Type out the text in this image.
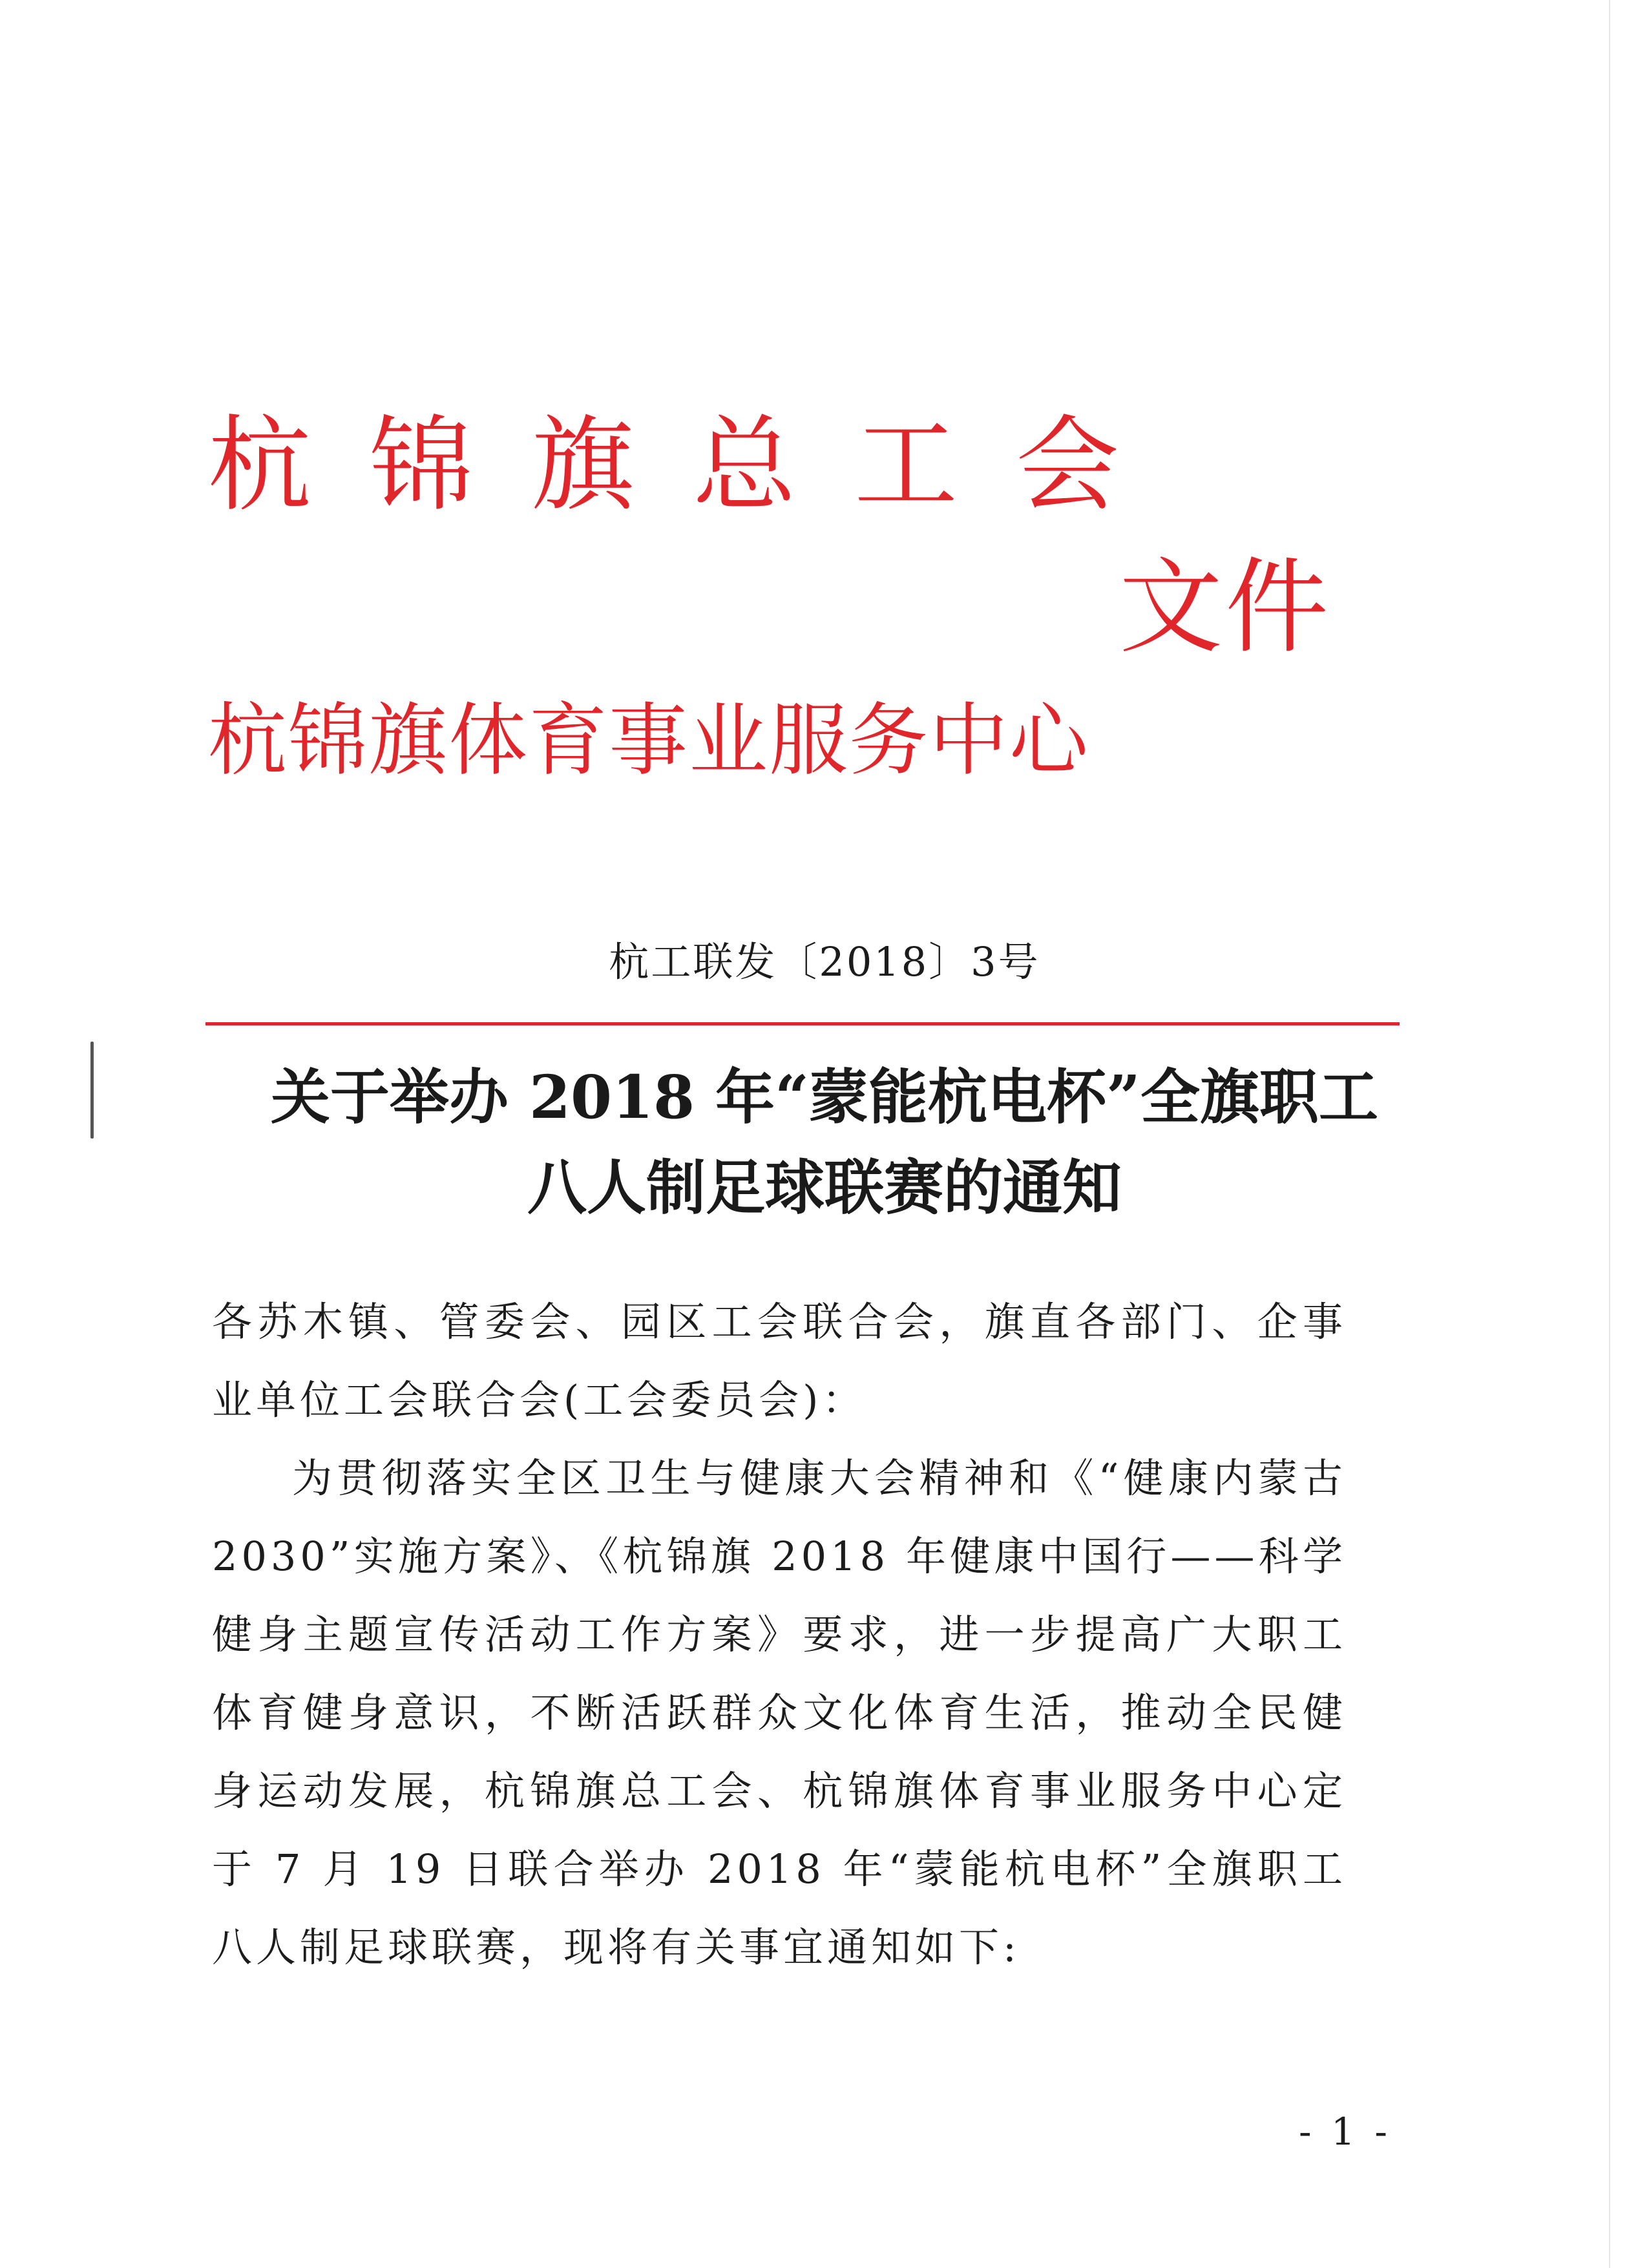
杭锦旗总工会
文件
杭锦旗体育事业服务中心
杭工联发〔2018〕3号
关于举办 2018 年“蒙能杭电杯”全旗职工
八人制足球联赛的通知

各苏木镇、管委会、园区工会联合会，旗直各部门、企事业单位工会联合会(工会委员会)：

为贯彻落实全区卫生与健康大会精神和《“健康内蒙古 2030”实施方案》、《杭锦旗 2018 年健康中国行——科学健身主题宣传活动工作方案》要求，进一步提高广大职工体育健身意识，不断活跃群众文化体育生活，推动全民健身运动发展，杭锦旗总工会、杭锦旗体育事业服务中心定于 7 月 19 日联合举办 2018 年“蒙能杭电杯”全旗职工八人制足球联赛，现将有关事宜通知如下:

- 1 -
